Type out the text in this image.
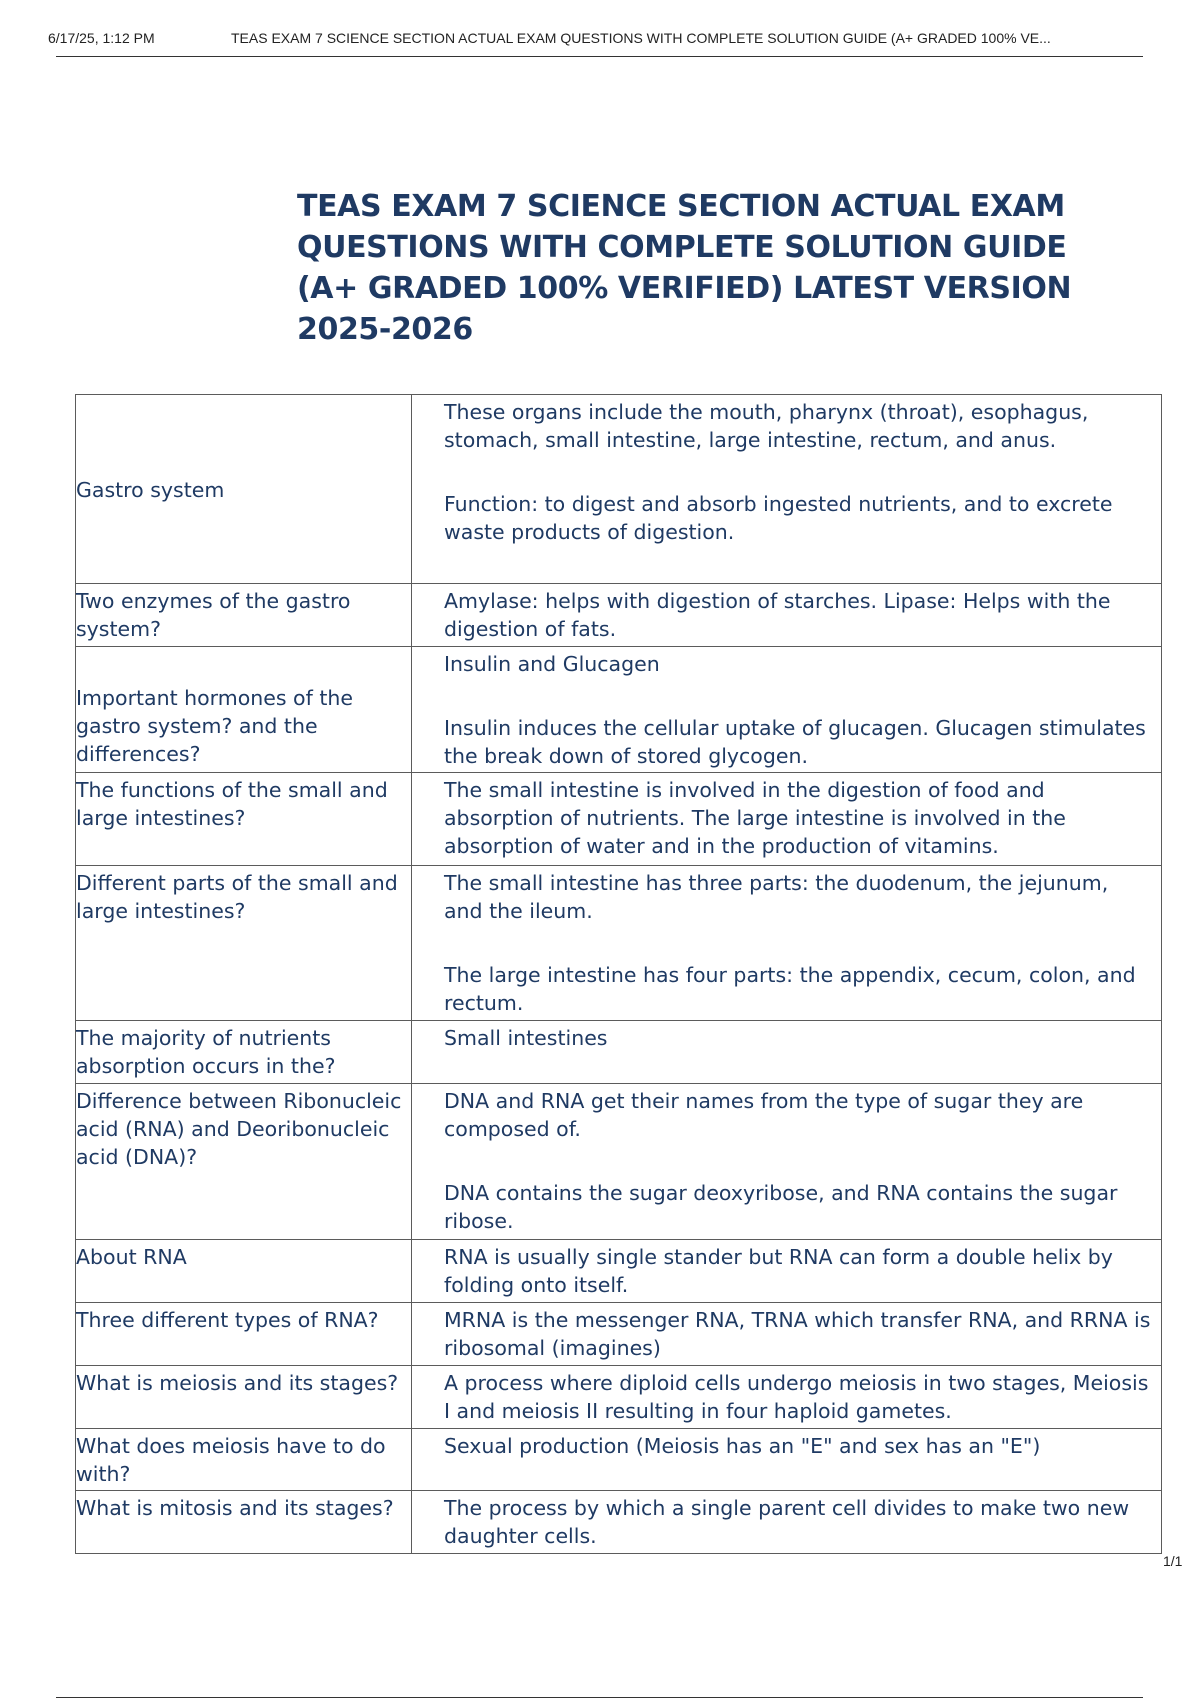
6/17/25, 1:12 PM	TEAS EXAM 7 SCIENCE SECTION ACTUAL EXAM QUESTIONS WITH COMPLETE SOLUTION GUIDE (A+ GRADED 100% VE...
TEAS EXAM 7 SCIENCE SECTION ACTUAL EXAM QUESTIONS WITH COMPLETE SOLUTION GUIDE (A+ GRADED 100% VERIFIED) LATEST VERSION 2025-2026
Gastro system	These organs include the mouth, pharynx (throat), esophagus, stomach, small intestine, large intestine, rectum, and anus.
Function: to digest and absorb ingested nutrients, and to excrete waste products of digestion.

Two enzymes of the gastro system?	Amylase: helps with digestion of starches. Lipase: Helps with the digestion of fats.

Important hormones of the gastro system? and the differences?	Insulin and Glucagen
Insulin induces the cellular uptake of glucagen. Glucagen stimulates the break down of stored glycogen.

The functions of the small and large intestines?	The small intestine is involved in the digestion of food and absorption of nutrients. The large intestine is involved in the absorption of water and in the production of vitamins.

Different parts of the small and large intestines?	The small intestine has three parts: the duodenum, the jejunum, and the ileum.
The large intestine has four parts: the appendix, cecum, colon, and rectum.

The majority of nutrients absorption occurs in the?	Small intestines

Difference between Ribonucleic acid (RNA) and Deoribonucleic acid (DNA)?	DNA and RNA get their names from the type of sugar they are composed of.
DNA contains the sugar deoxyribose, and RNA contains the sugar ribose.

About RNA	RNA is usually single stander but RNA can form a double helix by folding onto itself.

Three different types of RNA?	MRNA is the messenger RNA, TRNA which transfer RNA, and RRNA is ribosomal (imagines)

What is meiosis and its stages?	A process where diploid cells undergo meiosis in two stages, Meiosis I and meiosis II resulting in four haploid gametes.

What does meiosis have to do with?	Sexual production (Meiosis has an "E" and sex has an "E")

What is mitosis and its stages?	The process by which a single parent cell divides to make two new daughter cells.
1/1
